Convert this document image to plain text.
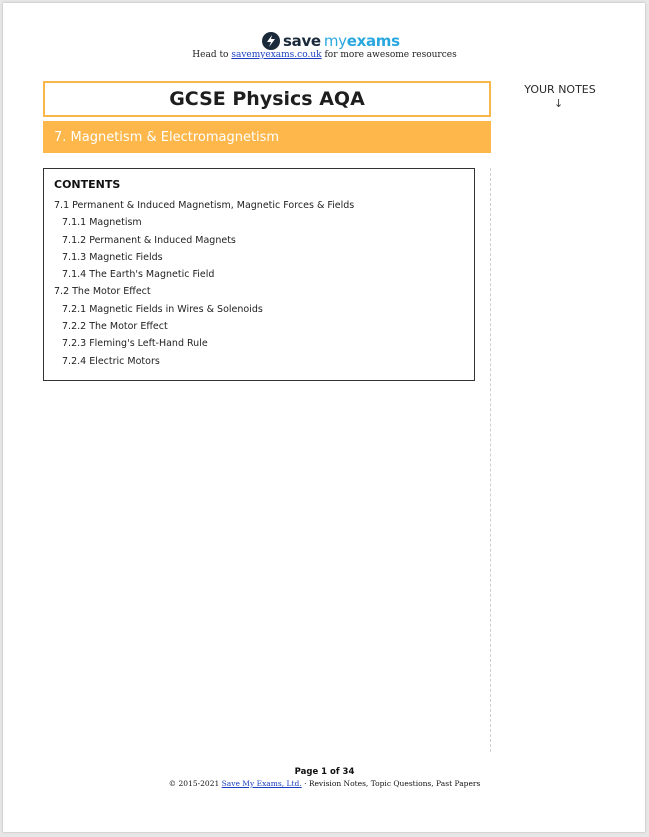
save myexams
Head to savemyexams.co.uk for more awesome resources
GCSE Physics AQA
7. Magnetism & Electromagnetism
YOUR NOTES
↓
CONTENTS
7.1 Permanent & Induced Magnetism, Magnetic Forces & Fields
7.1.1 Magnetism
7.1.2 Permanent & Induced Magnets
7.1.3 Magnetic Fields
7.1.4 The Earth's Magnetic Field
7.2 The Motor Effect
7.2.1 Magnetic Fields in Wires & Solenoids
7.2.2 The Motor Effect
7.2.3 Fleming's Left-Hand Rule
7.2.4 Electric Motors
Page 1 of 34
© 2015-2021 Save My Exams, Ltd. · Revision Notes, Topic Questions, Past Papers
